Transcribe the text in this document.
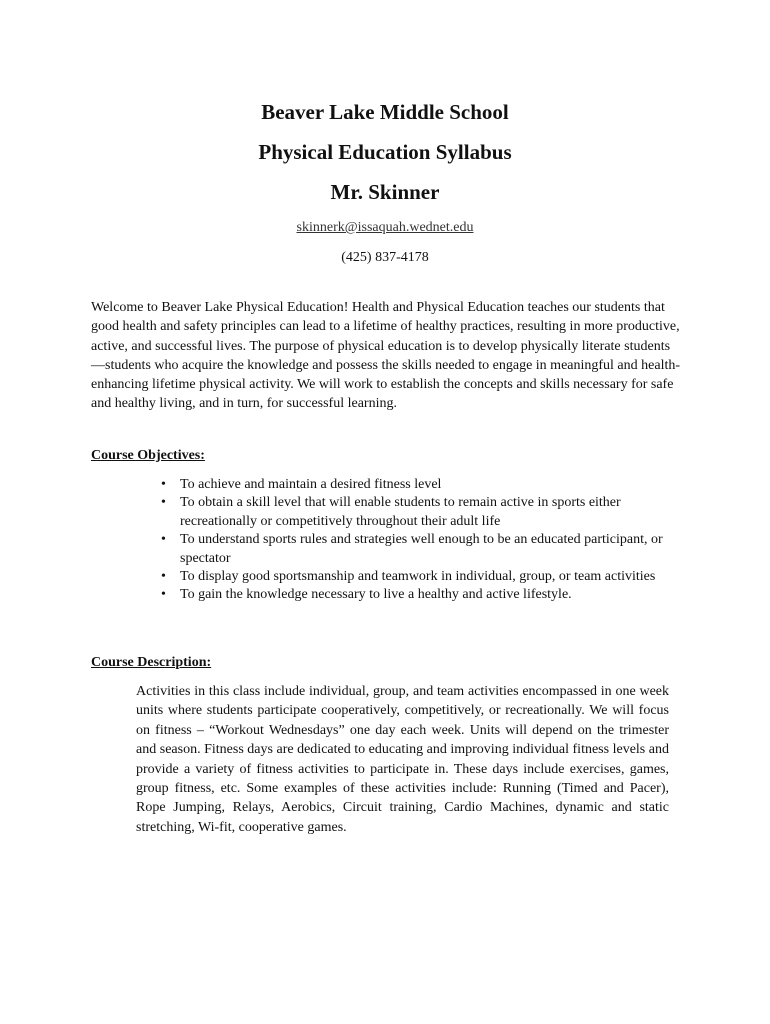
Beaver Lake Middle School
Physical Education Syllabus
Mr. Skinner
skinnerk@issaquah.wednet.edu
(425) 837-4178

Welcome to Beaver Lake Physical Education! Health and Physical Education teaches our students that good health and safety principles can lead to a lifetime of healthy practices, resulting in more productive, active, and successful lives. The purpose of physical education is to develop physically literate students—students who acquire the knowledge and possess the skills needed to engage in meaningful and health-enhancing lifetime physical activity. We will work to establish the concepts and skills necessary for safe and healthy living, and in turn, for successful learning.

Course Objectives:
• To achieve and maintain a desired fitness level
• To obtain a skill level that will enable students to remain active in sports either recreationally or competitively throughout their adult life
• To understand sports rules and strategies well enough to be an educated participant, or spectator
• To display good sportsmanship and teamwork in individual, group, or team activities
• To gain the knowledge necessary to live a healthy and active lifestyle.
Course Description:

Activities in this class include individual, group, and team activities encompassed in one week units where students participate cooperatively, competitively, or recreationally. We will focus on fitness – “Workout Wednesdays” one day each week. Units will depend on the trimester and season. Fitness days are dedicated to educating and improving individual fitness levels and provide a variety of fitness activities to participate in. These days include exercises, games, group fitness, etc. Some examples of these activities include: Running (Timed and Pacer), Rope Jumping, Relays, Aerobics, Circuit training, Cardio Machines, dynamic and static stretching, Wi-fit, cooperative games.
